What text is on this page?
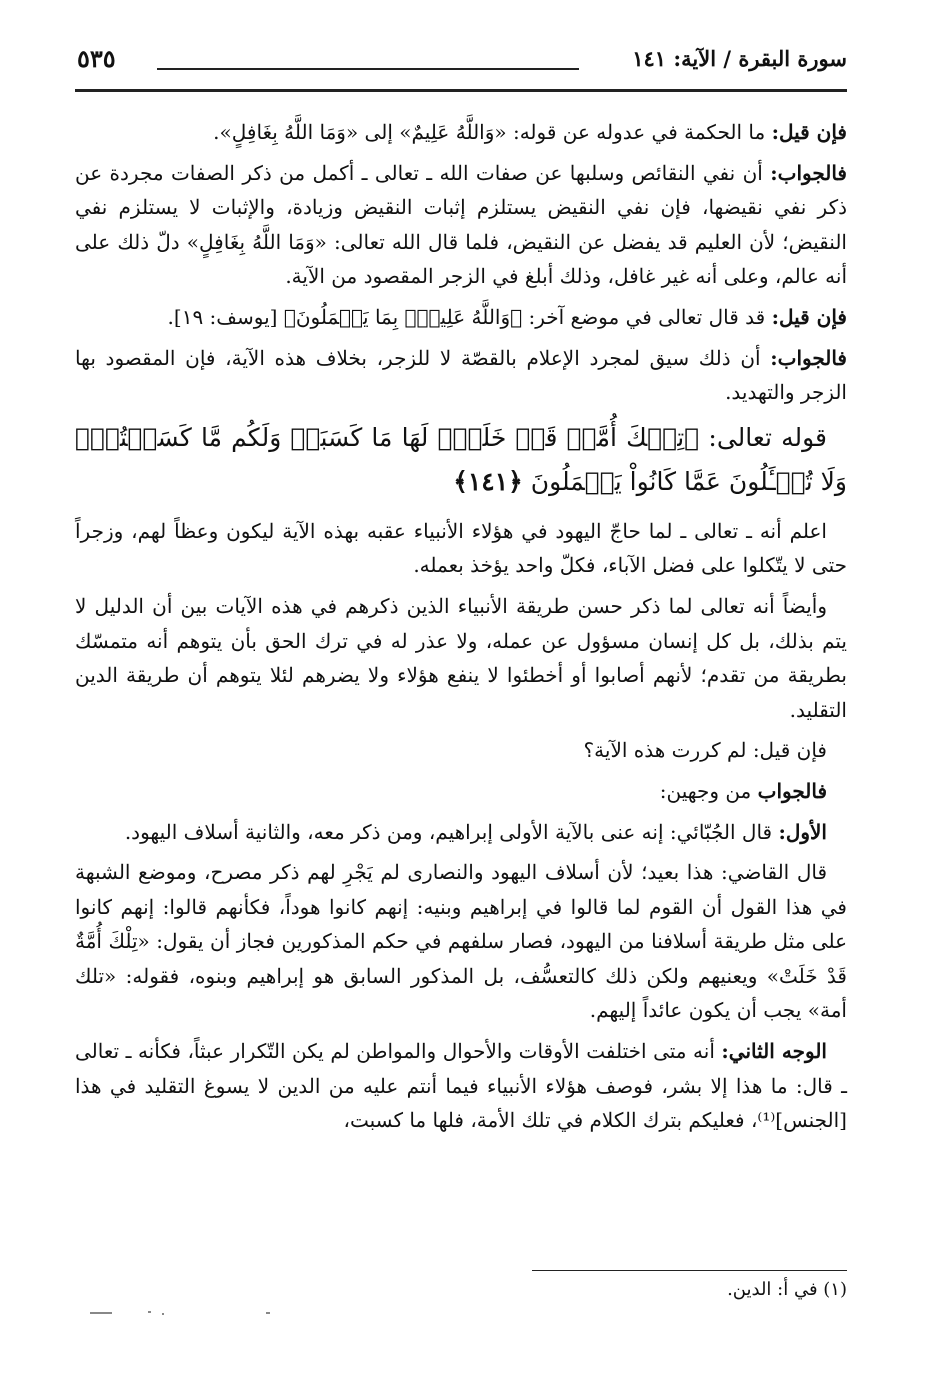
سورة البقرة / الآية: ١٤١
٥٣٥

فإن قيل: ما الحكمة في عدوله عن قوله: «وَاللَّهُ عَلِيمٌ» إلى «وَمَا اللَّهُ بِغَافِلٍ».

فالجواب: أن نفي النقائص وسلبها عن صفات الله ـ تعالى ـ أكمل من ذكر الصفات مجردة عن ذكر نفي نقيضها، فإن نفي النقيض يستلزم إثبات النقيض وزيادة، والإثبات لا يستلزم نفي النقيض؛ لأن العليم قد يفضل عن النقيض، فلما قال الله تعالى: «وَمَا اللَّهُ بِغَافِلٍ» دلّ ذلك على أنه عالم، وعلى أنه غير غافل، وذلك أبلغ في الزجر المقصود من الآية.

فإن قيل: قد قال تعالى في موضع آخر: ﴿وَاللَّهُ عَلِيمٌۢ بِمَا يَعۡمَلُونَ﴾ [يوسف: ١٩].

فالجواب: أن ذلك سيق لمجرد الإعلام بالقصّة لا للزجر، بخلاف هذه الآية، فإن المقصود بها الزجر والتهديد.

قوله تعالى: ﴿تِلۡكَ أُمَّةٞ قَدۡ خَلَتۡۖ لَهَا مَا كَسَبَتۡ وَلَكُم مَّا كَسَبۡتُمۡۖ وَلَا تُسۡـَٔلُونَ عَمَّا كَانُواْ يَعۡمَلُونَ ﴿١٤١﴾

اعلم أنه ـ تعالى ـ لما حاجّ اليهود في هؤلاء الأنبياء عقبه بهذه الآية ليكون وعظاً لهم، وزجراً حتى لا يتّكلوا على فضل الآباء، فكلّ واحد يؤخذ بعمله.

وأيضاً أنه تعالى لما ذكر حسن طريقة الأنبياء الذين ذكرهم في هذه الآيات بين أن الدليل لا يتم بذلك، بل كل إنسان مسؤول عن عمله، ولا عذر له في ترك الحق بأن يتوهم أنه متمسّك بطريقة من تقدم؛ لأنهم أصابوا أو أخطئوا لا ينفع هؤلاء ولا يضرهم لئلا يتوهم أن طريقة الدين التقليد.

فإن قيل: لم كررت هذه الآية؟

فالجواب من وجهين:

الأول: قال الجُبّائي: إنه عنى بالآية الأولى إبراهيم، ومن ذكر معه، والثانية أسلاف اليهود.

قال القاضي: هذا بعيد؛ لأن أسلاف اليهود والنصارى لم يَجْرِ لهم ذكر مصرح، وموضع الشبهة في هذا القول أن القوم لما قالوا في إبراهيم وبنيه: إنهم كانوا هوداً، فكأنهم قالوا: إنهم كانوا على مثل طريقة أسلافنا من اليهود، فصار سلفهم في حكم المذكورين فجاز أن يقول: «تِلْكَ أُمَّةٌ قَدْ خَلَتْ» ويعنيهم ولكن ذلك كالتعسُّف، بل المذكور السابق هو إبراهيم وبنوه، فقوله: «تلك أمة» يجب أن يكون عائداً إليهم.

الوجه الثاني: أنه متى اختلفت الأوقات والأحوال والمواطن لم يكن التّكرار عبثاً، فكأنه ـ تعالى ـ قال: ما هذا إلا بشر، فوصف هؤلاء الأنبياء فيما أنتم عليه من الدين لا يسوغ التقليد في هذا [الجنس]⁽¹⁾، فعليكم بترك الكلام في تلك الأمة، فلها ما كسبت،

(١) في أ: الدين.
